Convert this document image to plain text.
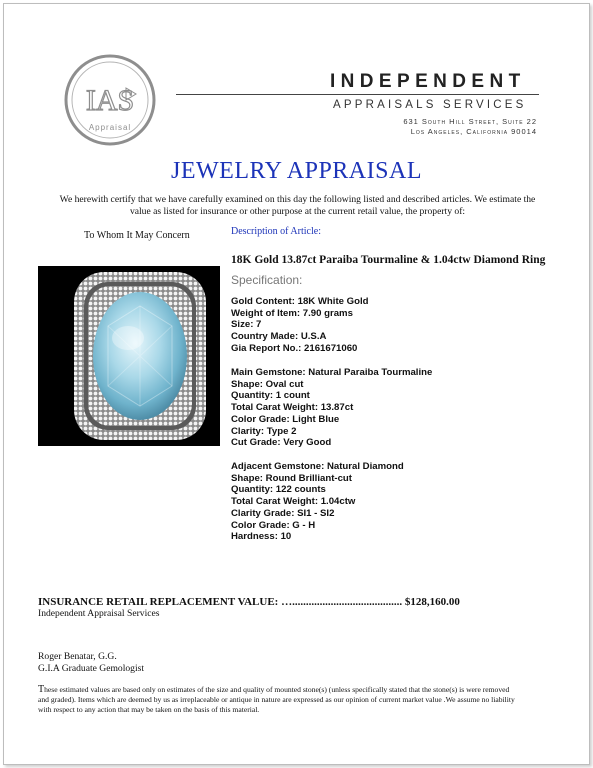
IAS
Appraisal
INDEPENDENT
APPRAISALS SERVICES
631 South Hill Street, Suite 22
Los Angeles, California 90014
JEWELRY APPRAISAL
We herewith certify that we have carefully examined on this day the following listed and described articles. We estimate the value as listed for insurance or other purpose at the current retail value, the property of:
To Whom It May Concern	Description of Article:
18K Gold 13.87ct Paraiba Tourmaline & 1.04ctw Diamond Ring
Specification:
Gold Content: 18K White Gold
Weight of Item: 7.90 grams
Size: 7
Country Made: U.S.A
Gia Report No.: 2161671060
Main Gemstone: Natural Paraiba Tourmaline
Shape: Oval cut
Quantity: 1 count
Total Carat Weight: 13.87ct
Color Grade: Light Blue
Clarity: Type 2
Cut Grade: Very Good
Adjacent Gemstone: Natural Diamond
Shape: Round Brilliant-cut
Quantity: 122 counts
Total Carat Weight: 1.04ctw
Clarity Grade: SI1 - SI2
Color Grade: G - H
Hardness: 10
INSURANCE RETAIL REPLACEMENT VALUE: …........................................ $128,160.00
Independent Appraisal Services
Roger Benatar, G.G.
G.I.A Graduate Gemologist
These estimated values are based only on estimates of the size and quality of mounted stone(s) (unless specifically stated that the stone(s) is were removed and graded). Items which are deemed by us as irreplaceable or antique in nature are expressed as our opinion of current market value .We assume no liability with respect to any action that may be taken on the basis of this material.
